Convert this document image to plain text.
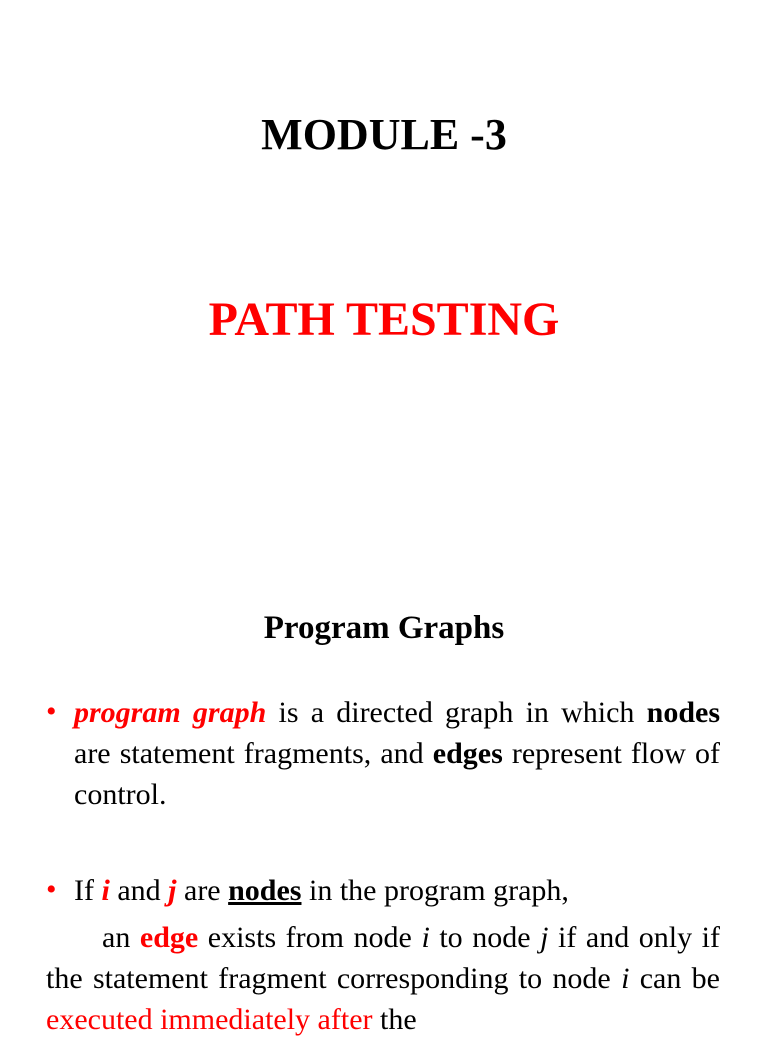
MODULE -3
PATH TESTING
Program Graphs
• program graph is a directed graph in which nodes are statement fragments, and edges represent flow of control.
• If i and j are nodes in the program graph,
an edge exists from node i to node j if and only if the statement fragment corresponding to node i can be executed immediately after the
